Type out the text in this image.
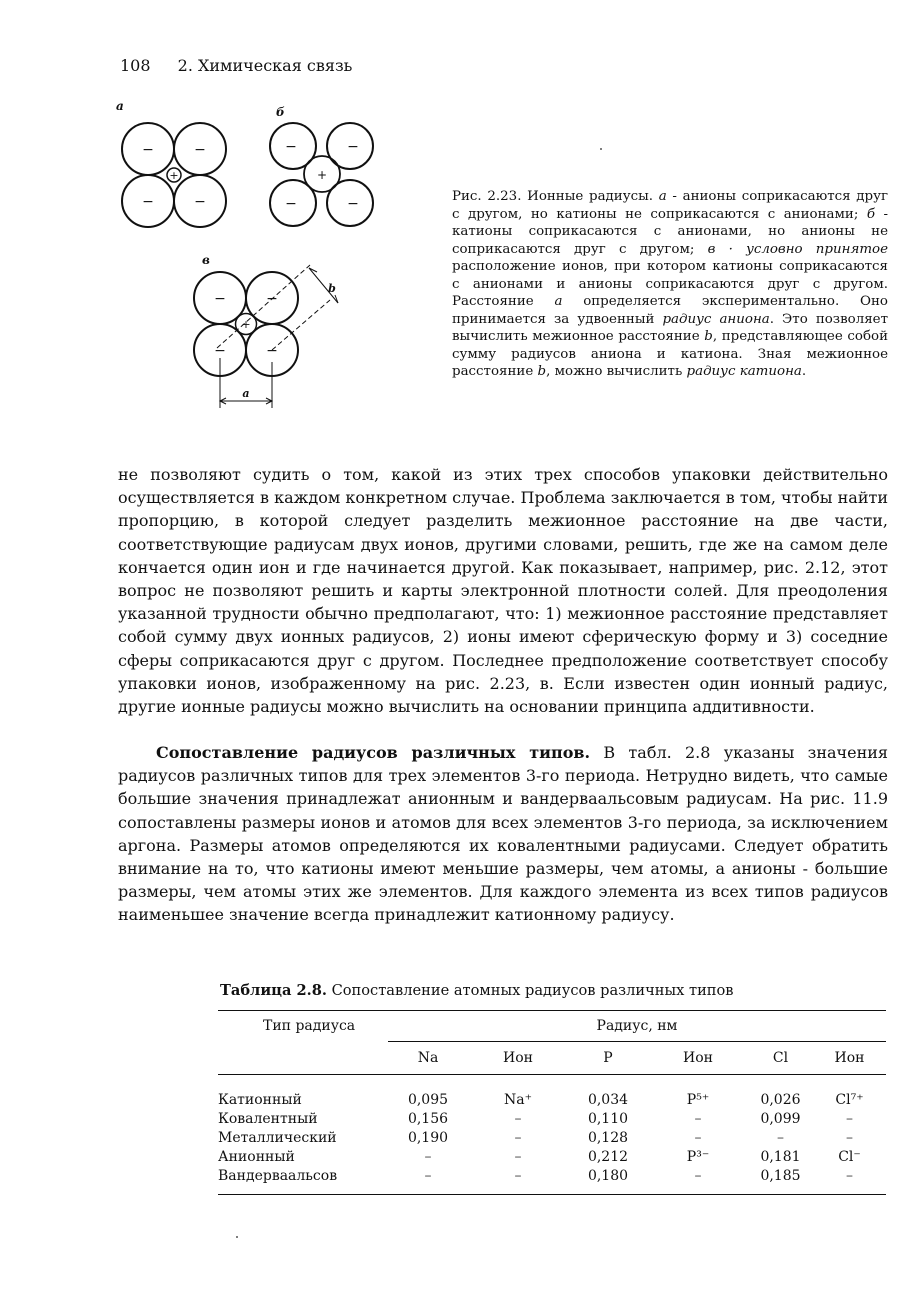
108 2. Химическая связь
а	б
в
−	−
−	−
+
−	−
−	−
+
−	−
−	−
+
a
b
Рис. 2.23. Ионные радиусы. а - анионы соприкасаются друг с другом, но катионы не соприкасаются с анионами; б - катионы соприкасаются с анионами, но анионы не соприкасаются друг с другом; в · условно принятое расположение ионов, при котором катионы соприкасаются с анионами и анионы соприкасаются друг с другом. Расстояние a определяется экспериментально. Оно принимается за удвоенный радиус аниона. Это позволяет вычислить межионное расстояние b, представляющее собой сумму радиусов аниона и катиона. Зная межионное расстояние b, можно вычислить радиус катиона.

не позволяют судить о том, какой из этих трех способов упаковки действительно осуществляется в каждом конкретном случае. Проблема заключается в том, чтобы найти пропорцию, в которой следует разделить межионное расстояние на две части, соответствующие радиусам двух ионов, другими словами, решить, где же на самом деле кончается один ион и где начинается другой. Как показывает, например, рис. 2.12, этот вопрос не позволяют решить и карты электронной плотности солей. Для преодоления указанной трудности обычно предполагают, что: 1) межионное расстояние представляет собой сумму двух ионных радиусов, 2) ионы имеют сферическую форму и 3) соседние сферы соприкасаются друг с другом. Последнее предположение соответствует способу упаковки ионов, изображенному на рис. 2.23, в. Если известен один ионный радиус, другие ионные радиусы можно вычислить на основании принципа аддитивности.

Сопоставление радиусов различных типов. В табл. 2.8 указаны значения радиусов различных типов для трех элементов 3-го периода. Нетрудно видеть, что самые большие значения принадлежат анионным и вандерваальсовым радиусам. На рис. 11.9 сопоставлены размеры ионов и атомов для всех элементов 3-го периода, за исключением аргона. Размеры атомов определяются их ковалентными радиусами. Следует обратить внимание на то, что катионы имеют меньшие размеры, чем атомы, а анионы - большие размеры, чем атомы этих же элементов. Для каждого элемента из всех типов радиусов наименьшее значение всегда принадлежит катионному радиусу.

Таблица 2.8. Сопоставление атомных радиусов различных типов

Тип радиуса	Радиус, нм					
	Na	Ион	P	Ион	Cl	Ион

Катионный	0,095	Na⁺	0,034	P⁵⁺	0,026	Cl⁷⁺
Ковалентный	0,156	–	0,110	–	0,099	–
Металлический	0,190	–	0,128	–	–	–
Анионный	–	–	0,212	P³⁻	0,181	Cl⁻
Вандерваальсов	–	–	0,180	–	0,185	–
